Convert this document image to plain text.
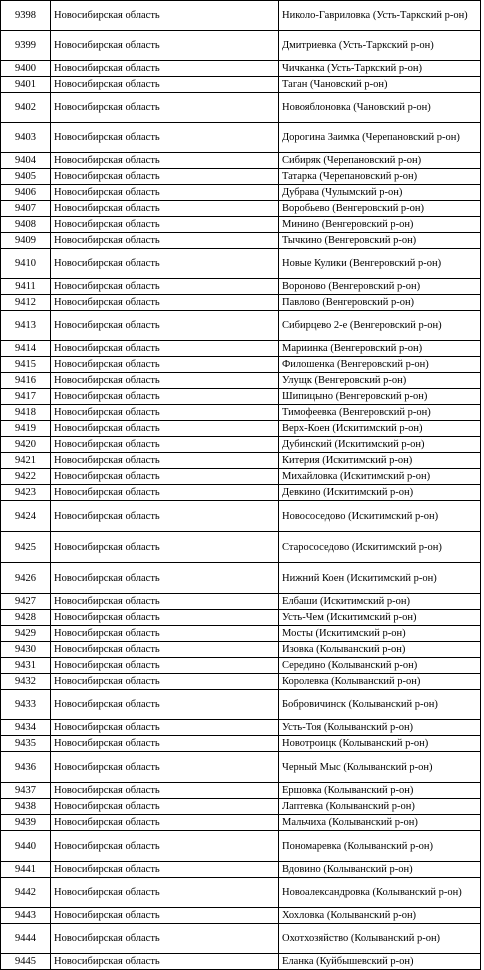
9398	Новосибирская область	Николо-Гавриловка (Усть-Таркский р-он)
9399	Новосибирская область	Дмитриевка (Усть-Таркский р-он)
9400	Новосибирская область	Чичканка (Усть-Таркский р-он)
9401	Новосибирская область	Таган (Чановский р-он)
9402	Новосибирская область	Новояблоновка (Чановский р-он)
9403	Новосибирская область	Дорогина Заимка (Черепановский р-он)
9404	Новосибирская область	Сибиряк (Черепановский р-он)
9405	Новосибирская область	Татарка (Черепановский р-он)
9406	Новосибирская область	Дубрава (Чулымский р-он)
9407	Новосибирская область	Воробьево (Венгеровский р-он)
9408	Новосибирская область	Минино (Венгеровский р-он)
9409	Новосибирская область	Тычкино (Венгеровский р-он)
9410	Новосибирская область	Новые Кулики (Венгеровский р-он)
9411	Новосибирская область	Вороново (Венгеровский р-он)
9412	Новосибирская область	Павлово (Венгеровский р-он)
9413	Новосибирская область	Сибирцево 2-е (Венгеровский р-он)
9414	Новосибирская область	Мариинка (Венгеровский р-он)
9415	Новосибирская область	Филошенка (Венгеровский р-он)
9416	Новосибирская область	Улущк (Венгеровский р-он)
9417	Новосибирская область	Шипицыно (Венгеровский р-он)
9418	Новосибирская область	Тимофеевка (Венгеровский р-он)
9419	Новосибирская область	Верх-Коен (Искитимский р-он)
9420	Новосибирская область	Дубинский (Искитимский р-он)
9421	Новосибирская область	Китерия (Искитимский р-он)
9422	Новосибирская область	Михайловка (Искитимский р-он)
9423	Новосибирская область	Девкино (Искитимский р-он)
9424	Новосибирская область	Новососедово (Искитимский р-он)
9425	Новосибирская область	Старососедово (Искитимский р-он)
9426	Новосибирская область	Нижний Коен (Искитимский р-он)
9427	Новосибирская область	Елбаши (Искитимский р-он)
9428	Новосибирская область	Усть-Чем (Искитимский р-он)
9429	Новосибирская область	Мосты (Искитимский р-он)
9430	Новосибирская область	Изовка (Колыванский р-он)
9431	Новосибирская область	Середино (Колыванский р-он)
9432	Новосибирская область	Королевка (Колыванский р-он)
9433	Новосибирская область	Бобровичинск (Колыванский р-он)
9434	Новосибирская область	Усть-Тоя (Колыванский р-он)
9435	Новосибирская область	Новотроицк (Колыванский р-он)
9436	Новосибирская область	Черный Мыс (Колыванский р-он)
9437	Новосибирская область	Ершовка (Колыванский р-он)
9438	Новосибирская область	Лаптевка (Колыванский р-он)
9439	Новосибирская область	Мальчиха (Колыванский р-он)
9440	Новосибирская область	Пономаревка (Колыванский р-он)
9441	Новосибирская область	Вдовино (Колыванский р-он)
9442	Новосибирская область	Новоалександровка (Колыванский р-он)
9443	Новосибирская область	Хохловка (Колыванский р-он)
9444	Новосибирская область	Охотхозяйство (Колыванский р-он)
9445	Новосибирская область	Еланка (Куйбышевский р-он)
